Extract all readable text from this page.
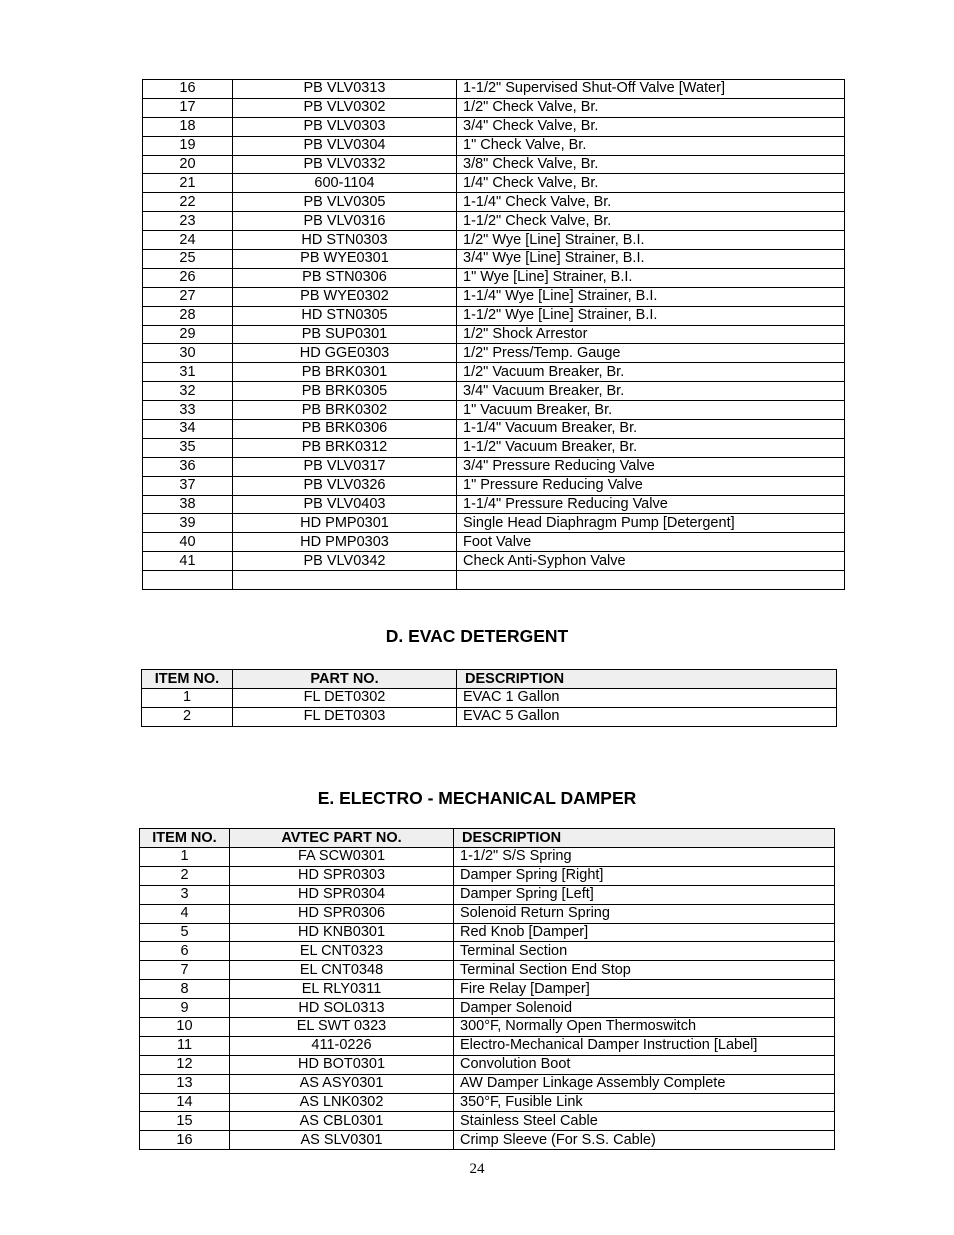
16	PB VLV0313	1-1/2" Supervised Shut-Off Valve [Water]
17	PB VLV0302	1/2" Check Valve, Br.
18	PB VLV0303	3/4" Check Valve, Br.
19	PB VLV0304	1" Check Valve, Br.
20	PB VLV0332	3/8" Check Valve, Br.
21	600-1104	1/4" Check Valve, Br.
22	PB VLV0305	1-1/4" Check Valve, Br.
23	PB VLV0316	1-1/2" Check Valve, Br.
24	HD STN0303	1/2" Wye [Line] Strainer, B.I.
25	PB WYE0301	3/4" Wye [Line] Strainer, B.I.
26	PB STN0306	1" Wye [Line] Strainer, B.I.
27	PB WYE0302	1-1/4" Wye [Line] Strainer, B.I.
28	HD STN0305	1-1/2" Wye [Line] Strainer, B.I.
29	PB SUP0301	1/2" Shock Arrestor
30	HD GGE0303	1/2" Press/Temp. Gauge
31	PB BRK0301	1/2" Vacuum Breaker, Br.
32	PB BRK0305	3/4" Vacuum Breaker, Br.
33	PB BRK0302	1" Vacuum Breaker, Br.
34	PB BRK0306	1-1/4" Vacuum Breaker, Br.
35	PB BRK0312	1-1/2" Vacuum Breaker, Br.
36	PB VLV0317	3/4" Pressure Reducing Valve
37	PB VLV0326	1" Pressure Reducing Valve
38	PB VLV0403	1-1/4" Pressure Reducing Valve
39	HD PMP0301	Single Head Diaphragm Pump [Detergent]
40	HD PMP0303	Foot Valve
41	PB VLV0342	Check Anti-Syphon Valve

D. EVAC DETERGENT
ITEM NO.	PART NO.	DESCRIPTION
1	FL DET0302	EVAC 1 Gallon
2	FL DET0303	EVAC 5 Gallon
E. ELECTRO - MECHANICAL DAMPER
ITEM NO.	AVTEC PART NO.	DESCRIPTION
1	FA SCW0301	1-1/2" S/S Spring
2	HD SPR0303	Damper Spring [Right]
3	HD SPR0304	Damper Spring [Left]
4	HD SPR0306	Solenoid Return Spring
5	HD KNB0301	Red Knob [Damper]
6	EL CNT0323	Terminal Section
7	EL CNT0348	Terminal Section End Stop
8	EL RLY0311	Fire Relay [Damper]
9	HD SOL0313	Damper Solenoid
10	EL SWT 0323	300°F, Normally Open Thermoswitch
11	411-0226	Electro-Mechanical Damper Instruction [Label]
12	HD BOT0301	Convolution Boot
13	AS ASY0301	AW Damper Linkage Assembly Complete
14	AS LNK0302	350°F, Fusible Link
15	AS CBL0301	Stainless Steel Cable
16	AS SLV0301	Crimp Sleeve (For S.S. Cable)
24
